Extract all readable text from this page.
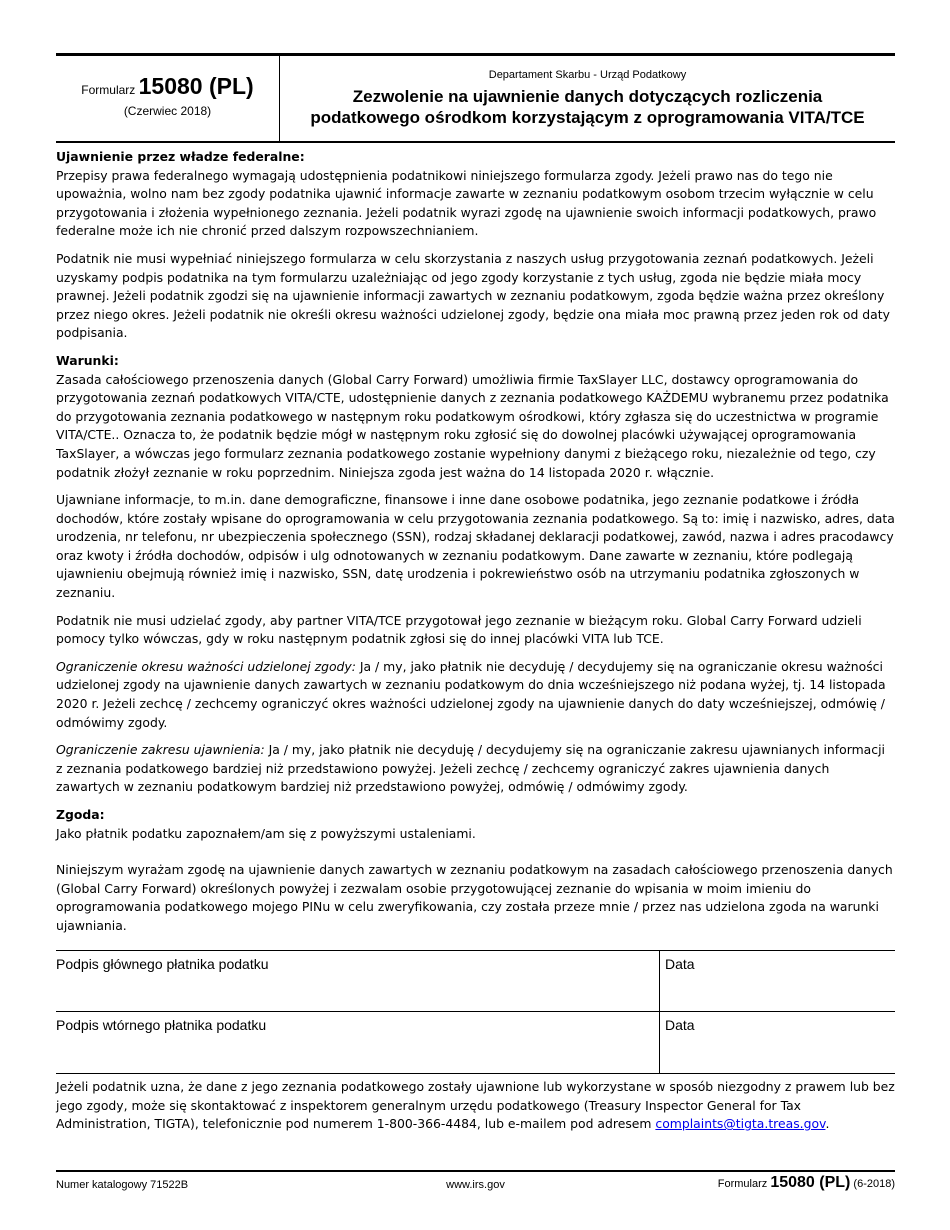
Formularz 15080 (PL)
(Czerwiec 2018)
Departament Skarbu - Urząd Podatkowy
Zezwolenie na ujawnienie danych dotyczących rozliczenia
podatkowego ośrodkom korzystającym z oprogramowania VITA/TCE

Ujawnienie przez władze federalne:

Przepisy prawa federalnego wymagają udostępnienia podatnikowi niniejszego formularza zgody. Jeżeli prawo nas do tego nie upoważnia, wolno nam bez zgody podatnika ujawnić informacje zawarte w zeznaniu podatkowym osobom trzecim wyłącznie w celu przygotowania i złożenia wypełnionego zeznania. Jeżeli podatnik wyrazi zgodę na ujawnienie swoich informacji podatkowych, prawo federalne może ich nie chronić przed dalszym rozpowszechnianiem.

Podatnik nie musi wypełniać niniejszego formularza w celu skorzystania z naszych usług przygotowania zeznań podatkowych. Jeżeli uzyskamy podpis podatnika na tym formularzu uzależniając od jego zgody korzystanie z tych usług, zgoda nie będzie miała mocy prawnej. Jeżeli podatnik zgodzi się na ujawnienie informacji zawartych w zeznaniu podatkowym, zgoda będzie ważna przez określony przez niego okres. Jeżeli podatnik nie określi okresu ważności udzielonej zgody, będzie ona miała moc prawną przez jeden rok od daty podpisania.

Warunki:

Zasada całościowego przenoszenia danych (Global Carry Forward) umożliwia firmie TaxSlayer LLC, dostawcy oprogramowania do przygotowania zeznań podatkowych VITA/CTE, udostępnienie danych z zeznania podatkowego KAŻDEMU wybranemu przez podatnika do przygotowania zeznania podatkowego w następnym roku podatkowym ośrodkowi, który zgłasza się do uczestnictwa w programie VITA/CTE.. Oznacza to, że podatnik będzie mógł w następnym roku zgłosić się do dowolnej placówki używającej oprogramowania TaxSlayer, a wówczas jego formularz zeznania podatkowego zostanie wypełniony danymi z bieżącego roku, niezależnie od tego, czy podatnik złożył zeznanie w roku poprzednim. Niniejsza zgoda jest ważna do 14 listopada 2020 r. włącznie.

Ujawniane informacje, to m.in. dane demograficzne, finansowe i inne dane osobowe podatnika, jego zeznanie podatkowe i źródła dochodów, które zostały wpisane do oprogramowania w celu przygotowania zeznania podatkowego. Są to: imię i nazwisko, adres, data urodzenia, nr telefonu, nr ubezpieczenia społecznego (SSN), rodzaj składanej deklaracji podatkowej, zawód, nazwa i adres pracodawcy oraz kwoty i źródła dochodów, odpisów i ulg odnotowanych w zeznaniu podatkowym. Dane zawarte w zeznaniu, które podlegają ujawnieniu obejmują również imię i nazwisko, SSN, datę urodzenia i pokrewieństwo osób na utrzymaniu podatnika zgłoszonych w zeznaniu.

Podatnik nie musi udzielać zgody, aby partner VITA/TCE przygotował jego zeznanie w bieżącym roku. Global Carry Forward udzieli pomocy tylko wówczas, gdy w roku następnym podatnik zgłosi się do innej placówki VITA lub TCE.

Ograniczenie okresu ważności udzielonej zgody: Ja / my, jako płatnik nie decyduję / decydujemy się na ograniczanie okresu ważności udzielonej zgody na ujawnienie danych zawartych w zeznaniu podatkowym do dnia wcześniejszego niż podana wyżej, tj. 14 listopada 2020 r. Jeżeli zechcę / zechcemy ograniczyć okres ważności udzielonej zgody na ujawnienie danych do daty wcześniejszej, odmówię / odmówimy zgody.

Ograniczenie zakresu ujawnienia: Ja / my, jako płatnik nie decyduję / decydujemy się na ograniczanie zakresu ujawnianych informacji z zeznania podatkowego bardziej niż przedstawiono powyżej. Jeżeli zechcę / zechcemy ograniczyć zakres ujawnienia danych zawartych w zeznaniu podatkowym bardziej niż przedstawiono powyżej, odmówię / odmówimy zgody.

Zgoda:

Jako płatnik podatku zapoznałem/am się z powyższymi ustaleniami.

Niniejszym wyrażam zgodę na ujawnienie danych zawartych w zeznaniu podatkowym na zasadach całościowego przenoszenia danych (Global Carry Forward) określonych powyżej i zezwalam osobie przygotowującej zeznanie do wpisania w moim imieniu do oprogramowania podatkowego mojego PINu w celu zweryfikowania, czy została przeze mnie / przez nas udzielona zgoda na warunki ujawniania.

Podpis głównego płatnika podatku	Data
Podpis wtórnego płatnika podatku	Data
Jeżeli podatnik uzna, że dane z jego zeznania podatkowego zostały ujawnione lub wykorzystane w sposób niezgodny z prawem lub bez jego zgody, może się skontaktować z inspektorem generalnym urzędu podatkowego (Treasury Inspector General for Tax Administration, TIGTA), telefonicznie pod numerem 1-800-366-4484, lub e-mailem pod adresem complaints@tigta.treas.gov.
Numer katalogowy 71522B	www.irs.gov	Formularz 15080 (PL) (6-2018)
